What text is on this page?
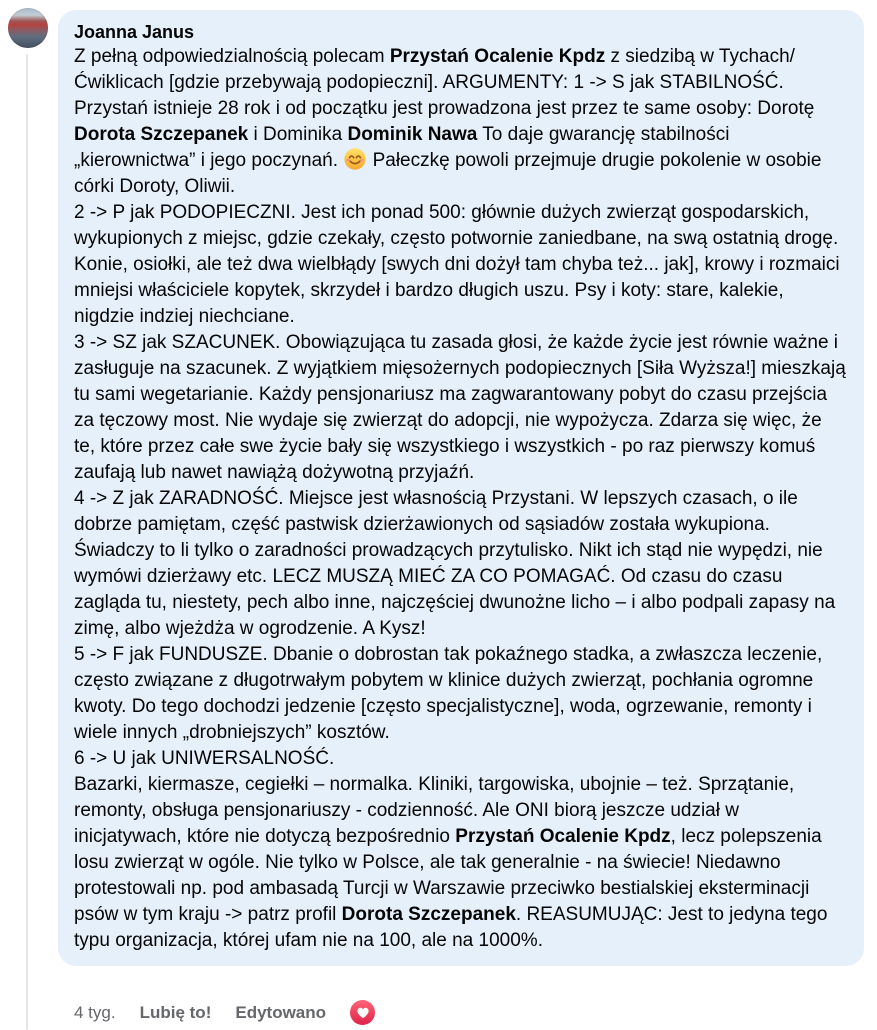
Joanna Janus
Z pełną odpowiedzialnością polecam Przystań Ocalenie Kpdz z siedzibą w Tychach/Ćwiklicach [gdzie przebywają podopieczni]. ARGUMENTY: 1 -> S jak STABILNOŚĆ. Przystań istnieje 28 rok i od początku jest prowadzona jest przez te same osoby: Dorotę Dorota Szczepanek i Dominika Dominik Nawa To daje gwarancję stabilności „kierownictwa” i jego poczynań.
Pałeczkę powoli przejmuje drugie pokolenie w osobie córki Doroty, Oliwii.
2 -> P jak PODOPIECZNI. Jest ich ponad 500: głównie dużych zwierząt gospodarskich, wykupionych z miejsc, gdzie czekały, często potwornie zaniedbane, na swą ostatnią drogę. Konie, osiołki, ale też dwa wielbłądy [swych dni dożył tam chyba też... jak], krowy i rozmaici mniejsi właściciele kopytek, skrzydeł i bardzo długich uszu. Psy i koty: stare, kalekie, nigdzie indziej niechciane.
3 -> SZ jak SZACUNEK. Obowiązująca tu zasada głosi, że każde życie jest równie ważne i zasługuje na szacunek. Z wyjątkiem mięsożernych podopiecznych [Siła Wyższa!] mieszkają tu sami wegetarianie. Każdy pensjonariusz ma zagwarantowany pobyt do czasu przejścia za tęczowy most. Nie wydaje się zwierząt do adopcji, nie wypożycza. Zdarza się więc, że te, które przez całe swe życie bały się wszystkiego i wszystkich - po raz pierwszy komuś zaufają lub nawet nawiążą dożywotną przyjaźń.
4 -> Z jak ZARADNOŚĆ. Miejsce jest własnością Przystani. W lepszych czasach, o ile dobrze pamiętam, część pastwisk dzierżawionych od sąsiadów została wykupiona. Świadczy to li tylko o zaradności prowadzących przytulisko. Nikt ich stąd nie wypędzi, nie wymówi dzierżawy etc. LECZ MUSZĄ MIEĆ ZA CO POMAGAĆ. Od czasu do czasu zagląda tu, niestety, pech albo inne, najczęściej dwunożne licho – i albo podpali zapasy na zimę, albo wjeżdża w ogrodzenie. A Kysz!
5 -> F jak FUNDUSZE. Dbanie o dobrostan tak pokaźnego stadka, a zwłaszcza leczenie, często związane z długotrwałym pobytem w klinice dużych zwierząt, pochłania ogromne kwoty. Do tego dochodzi jedzenie [często specjalistyczne], woda, ogrzewanie, remonty i wiele innych „drobniejszych” kosztów.
6 -> U jak UNIWERSALNOŚĆ.
Bazarki, kiermasze, cegiełki – normalka. Kliniki, targowiska, ubojnie – też. Sprzątanie, remonty, obsługa pensjonariuszy - codzienność. Ale ONI biorą jeszcze udział w inicjatywach, które nie dotyczą bezpośrednio Przystań Ocalenie Kpdz, lecz polepszenia losu zwierząt w ogóle. Nie tylko w Polsce, ale tak generalnie - na świecie! Niedawno protestowali np. pod ambasadą Turcji w Warszawie przeciwko bestialskiej eksterminacji psów w tym kraju -> patrz profil Dorota Szczepanek. REASUMUJĄC: Jest to jedyna tego typu organizacja, której ufam nie na 100, ale na 1000%.
4 tyg. Lubię to! Edytowano
